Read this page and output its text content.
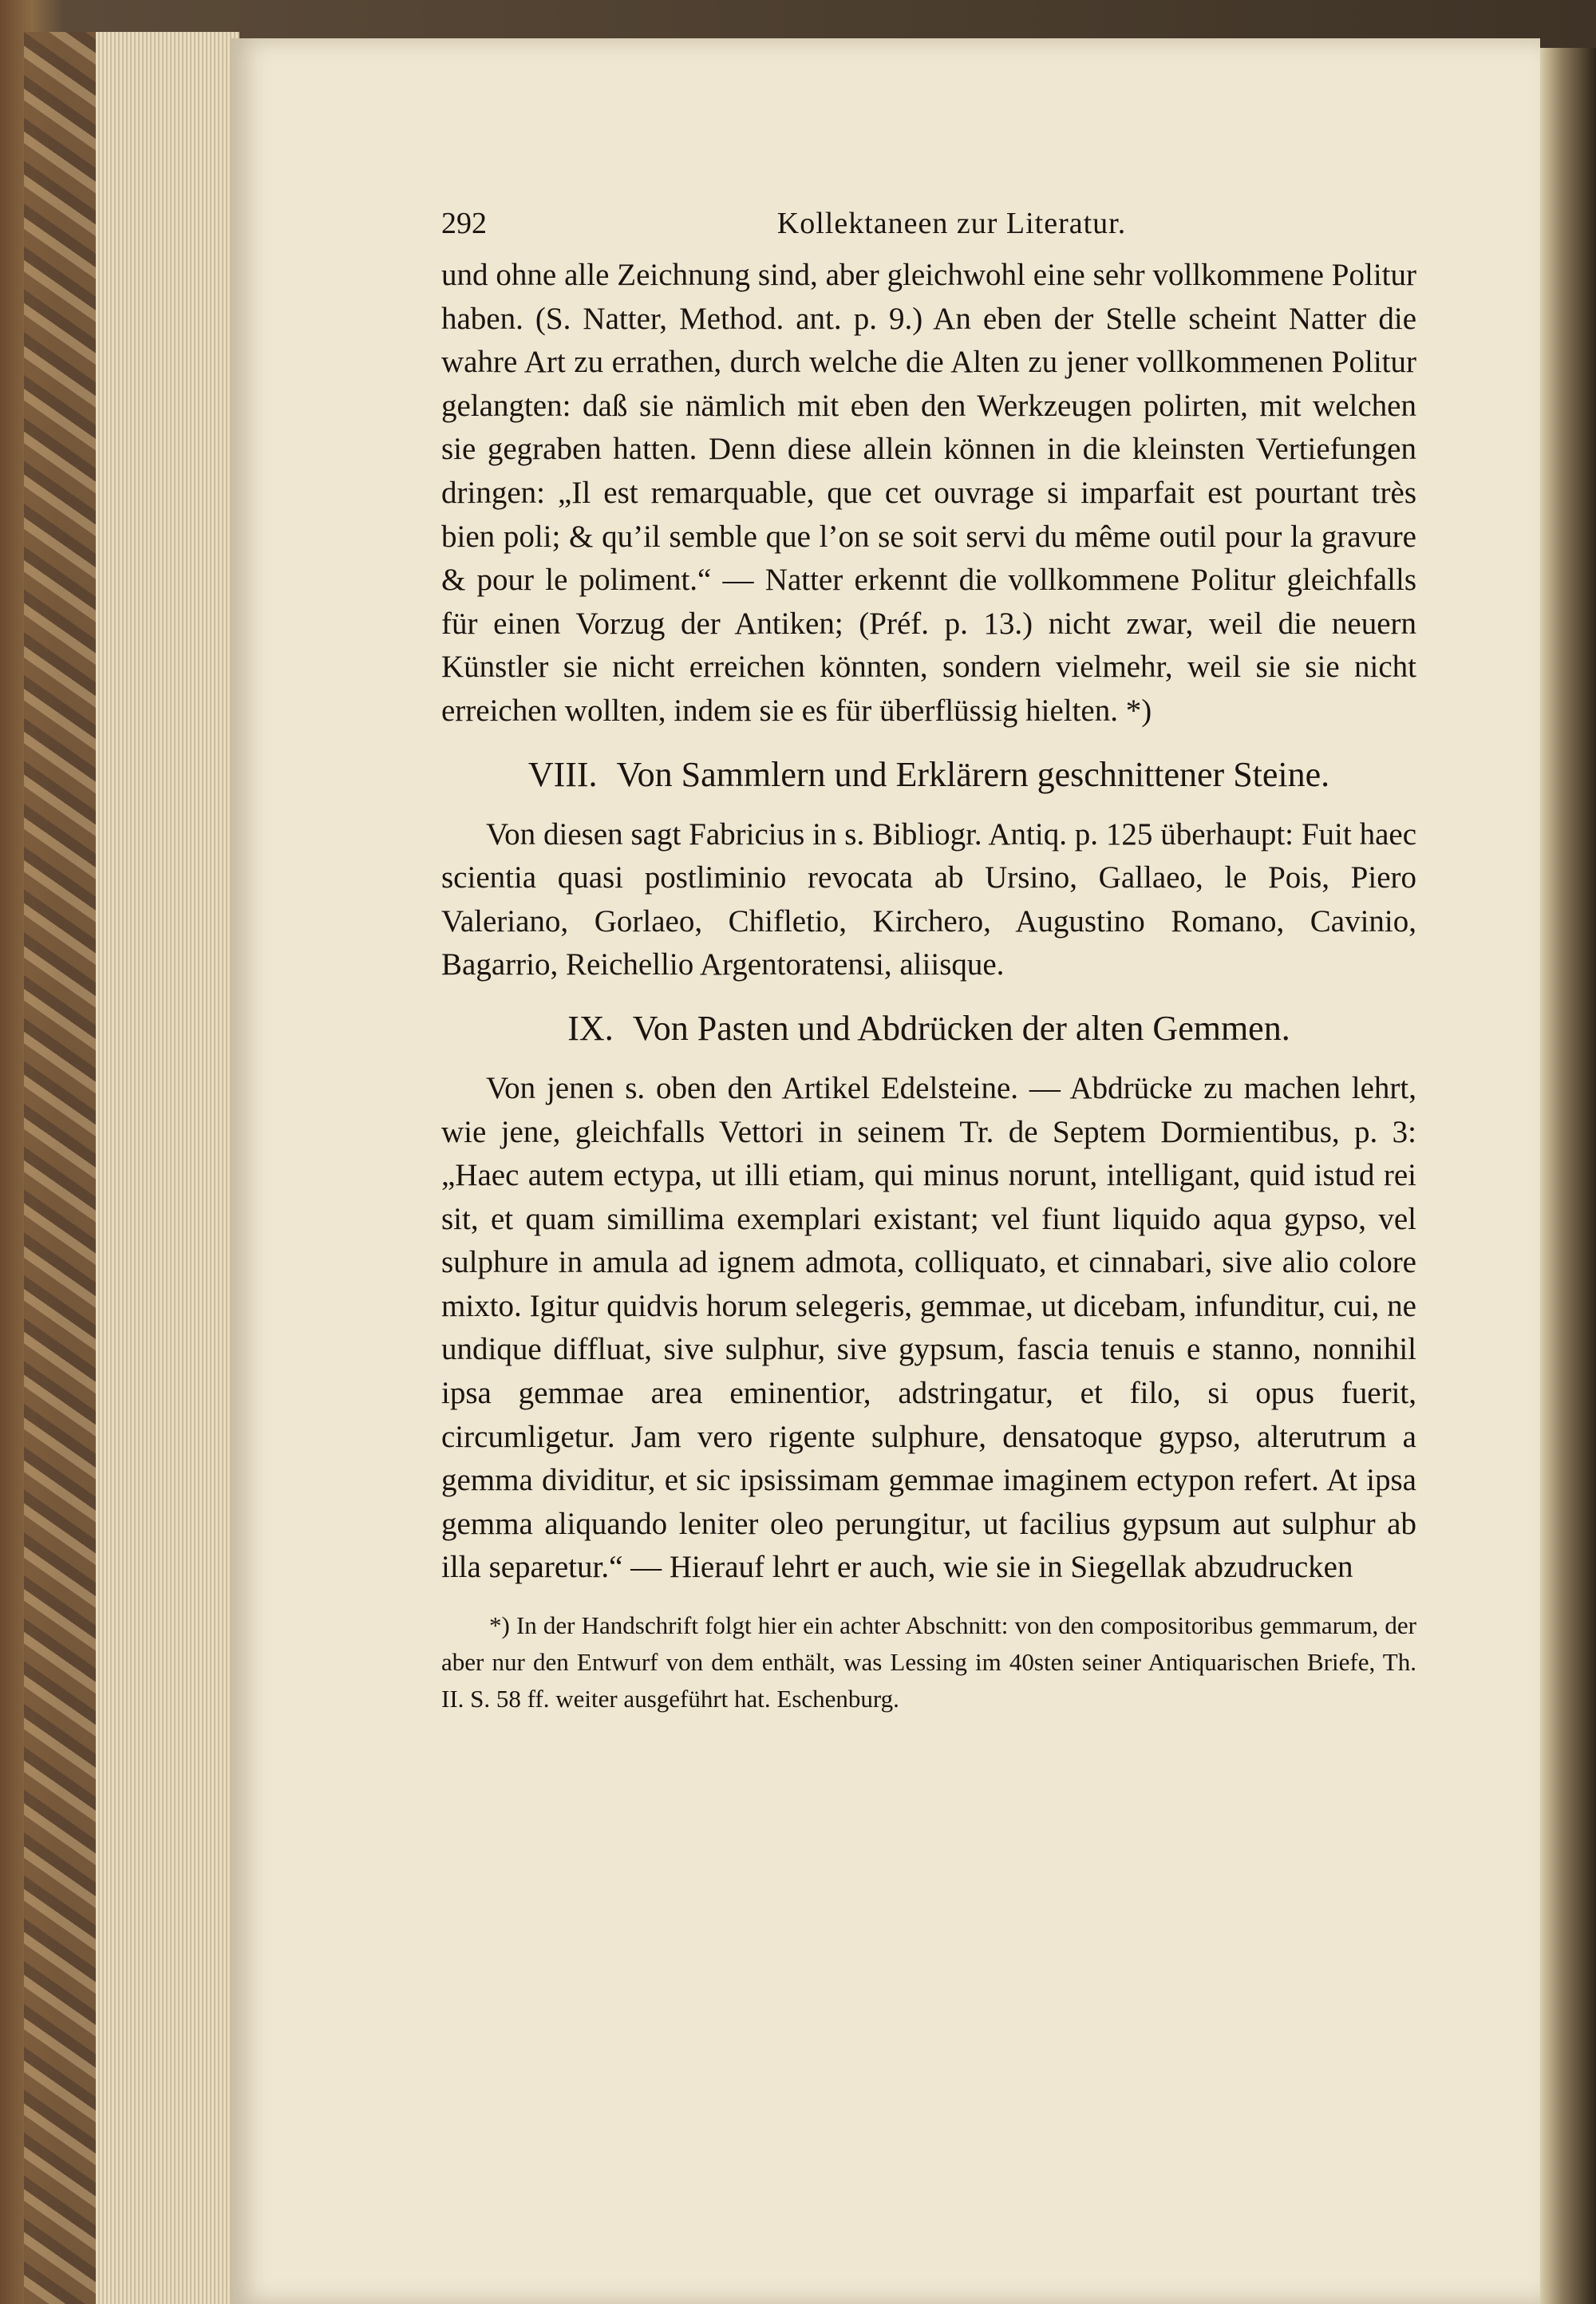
292	Kollektaneen zur Literatur.

und ohne alle Zeichnung sind, aber gleichwohl eine sehr vollkommene Politur haben. (S. Natter, Method. ant. p. 9.) An eben der Stelle scheint Natter die wahre Art zu errathen, durch welche die Alten zu jener vollkommenen Politur gelangten: daß sie nämlich mit eben den Werkzeugen polirten, mit welchen sie gegraben hatten. Denn diese allein können in die kleinsten Vertiefungen dringen: „Il est remarquable, que cet ouvrage si imparfait est pourtant très bien poli; & qu’il semble que l’on se soit servi du même outil pour la gravure & pour le poliment.“ — Natter erkennt die vollkommene Politur gleichfalls für einen Vorzug der Antiken; (Préf. p. 13.) nicht zwar, weil die neuern Künstler sie nicht erreichen könnten, sondern vielmehr, weil sie sie nicht erreichen wollten, indem sie es für überflüssig hielten. *)

VIII. Von Sammlern und Erklärern geschnittener Steine.

Von diesen sagt Fabricius in s. Bibliogr. Antiq. p. 125 überhaupt: Fuit haec scientia quasi postliminio revocata ab Ursino, Gallaeo, le Pois, Piero Valeriano, Gorlaeo, Chifletio, Kirchero, Augustino Romano, Cavinio, Bagarrio, Reichellio Argentoratensi, aliisque.

IX. Von Pasten und Abdrücken der alten Gemmen.

Von jenen s. oben den Artikel Edelsteine. — Abdrücke zu machen lehrt, wie jene, gleichfalls Vettori in seinem Tr. de Septem Dormientibus, p. 3: „Haec autem ectypa, ut illi etiam, qui minus norunt, intelligant, quid istud rei sit, et quam simillima exemplari existant; vel fiunt liquido aqua gypso, vel sulphure in amula ad ignem admota, colliquato, et cinnabari, sive alio colore mixto. Igitur quidvis horum selegeris, gemmae, ut dicebam, infunditur, cui, ne undique diffluat, sive sulphur, sive gypsum, fascia tenuis e stanno, nonnihil ipsa gemmae area eminentior, adstringatur, et filo, si opus fuerit, circumligetur. Jam vero rigente sulphure, densatoque gypso, alterutrum a gemma dividitur, et sic ipsissimam gemmae imaginem ectypon refert. At ipsa gemma aliquando leniter oleo perungitur, ut facilius gypsum aut sulphur ab illa separetur.“ — Hierauf lehrt er auch, wie sie in Siegellak abzudrucken

*) In der Handschrift folgt hier ein achter Abschnitt: von den compositoribus gemmarum, der aber nur den Entwurf von dem enthält, was Lessing im 40sten seiner Antiquarischen Briefe, Th. II. S. 58 ff. weiter ausgeführt hat. Eschenburg.
